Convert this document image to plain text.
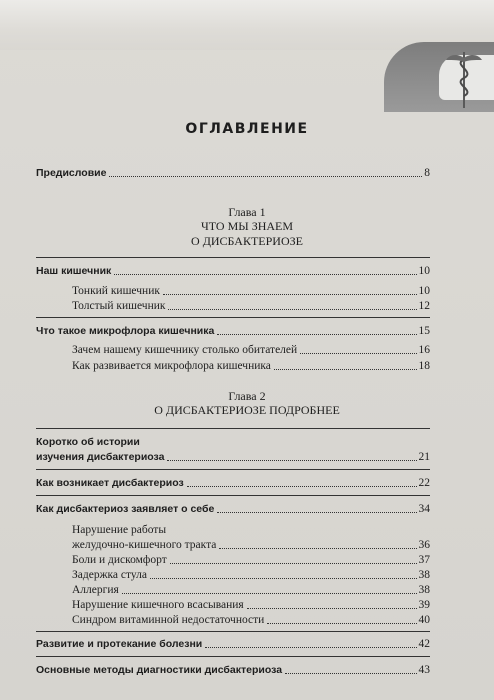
ОГЛАВЛЕНИЕ
Предисловие	8
Глава 1
ЧТО МЫ ЗНАЕМ
О ДИСБАКТЕРИОЗЕ
Наш кишечник	10
Тонкий кишечник	10
Толстый кишечник	12
Что такое микрофлора кишечника	15
Зачем нашему кишечнику столько обитателей	16
Как развивается микрофлора кишечника	18
Глава 2
О ДИСБАКТЕРИОЗЕ ПОДРОБНЕЕ
Коротко об истории
изучения дисбактериоза	21
Как возникает дисбактериоз	22
Как дисбактериоз заявляет о себе	34
Нарушение работы
желудочно-кишечного тракта	36
Боли и дискомфорт	37
Задержка стула	38
Аллергия	38
Нарушение кишечного всасывания	39
Синдром витаминной недостаточности	40
Развитие и протекание болезни	42
Основные методы диагностики дисбактериоза	43
